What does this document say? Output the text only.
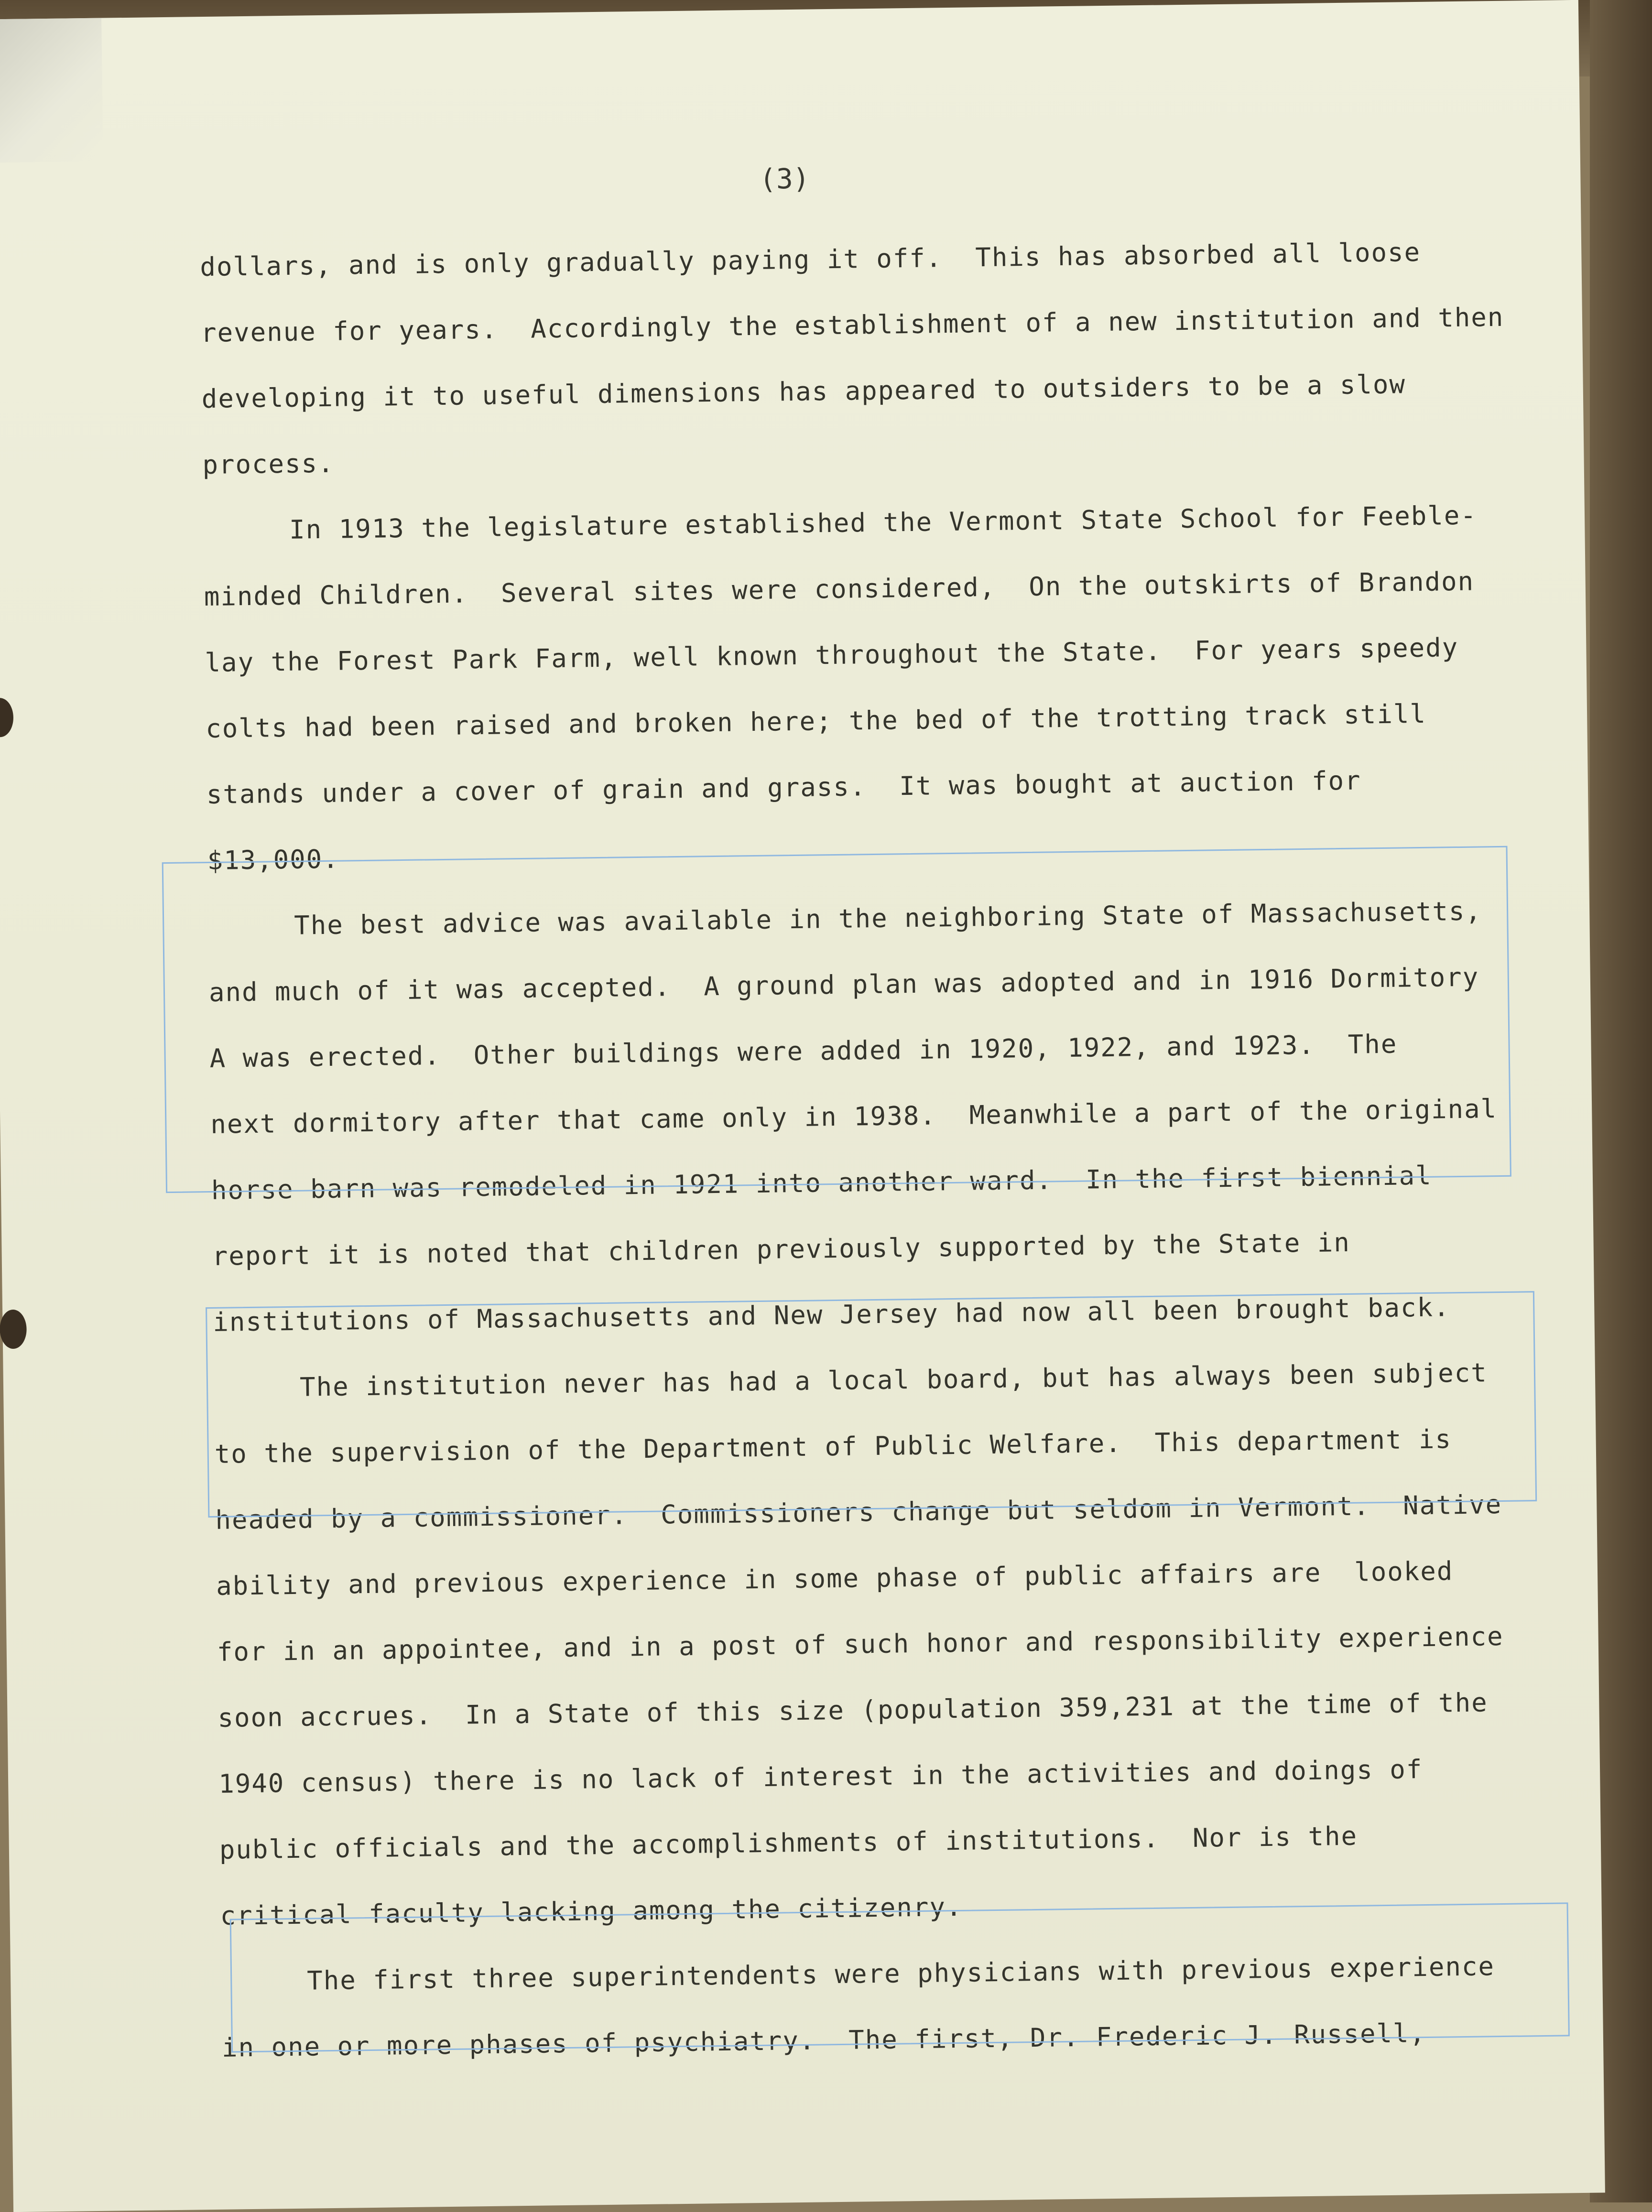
(3)

dollars, and is only gradually paying it off.  This has absorbed all loose

revenue for years.  Accordingly the establishment of a new institution and then

developing it to useful dimensions has appeared to outsiders to be a slow

process.

In 1913 the legislature established the Vermont State School for Feeble-

minded Children.  Several sites were considered,  On the outskirts of Brandon

lay the Forest Park Farm, well known throughout the State.  For years speedy

colts had been raised and broken here; the bed of the trotting track still

stands under a cover of grain and grass.  It was bought at auction for

$13,000.

The best advice was available in the neighboring State of Massachusetts,

and much of it was accepted.  A ground plan was adopted and in 1916 Dormitory

A was erected.  Other buildings were added in 1920, 1922, and 1923.  The

next dormitory after that came only in 1938.  Meanwhile a part of the original

horse barn was remodeled in 1921 into another ward.  In the first biennial

report it is noted that children previously supported by the State in

institutions of Massachusetts and New Jersey had now all been brought back.

The institution never has had a local board, but has always been subject

to the supervision of the Department of Public Welfare.  This department is

headed by a commissioner.  Commissioners change but seldom in Vermont.  Native

ability and previous experience in some phase of public affairs are  looked

for in an appointee, and in a post of such honor and responsibility experience

soon accrues.  In a State of this size (population 359,231 at the time of the

1940 census) there is no lack of interest in the activities and doings of

public officials and the accomplishments of institutions.  Nor is the

critical faculty lacking among the citizenry.

The first three superintendents were physicians with previous experience

in one or more phases of psychiatry.  The first, Dr. Frederic J. Russell,
